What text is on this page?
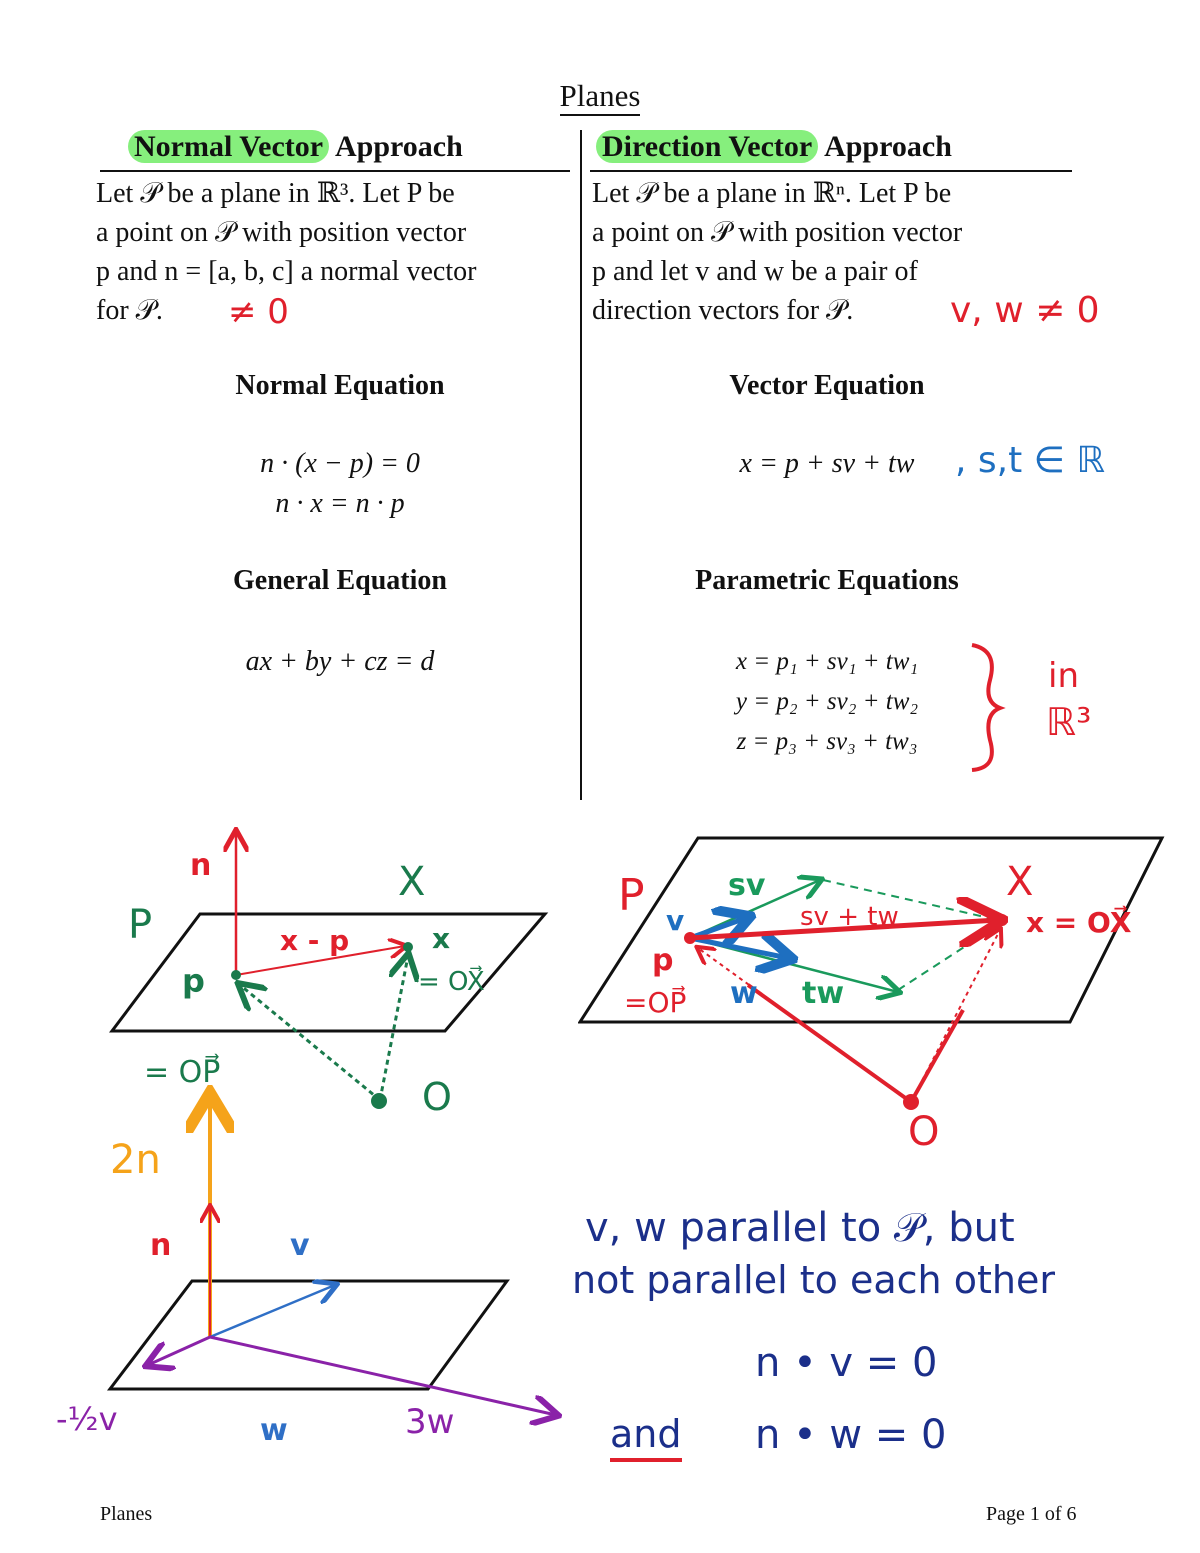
Planes
Normal Vector Approach	Direction Vector Approach

Let 𝒫 be a plane in ℝ³. Let P be

a point on 𝒫 with position vector

p and n = [a, b, c] a normal vector

for 𝒫.

Let 𝒫 be a plane in ℝⁿ. Let P be

a point on 𝒫 with position vector

p and let v and w be a pair of

direction vectors for 𝒫.

Normal Equation
n · (x − p) = 0
n · x = n · p
General Equation
ax + by + cz = d
Vector Equation
x = p + sv + tw
Parametric Equations
x = p₁ + sv₁ + tw₁
y = p₂ + sv₂ + tw₂
z = p₃ + sv₃ + tw₃
≠ 0	v, w ≠ 0
, s,t ∈ ℝ
in
ℝ³
n
P
X
x - p
p
x
= OX⃗
= OP⃗
O
P v
sv
sv + tw
X
x = OX⃗
p
=OP⃗ w tw
O
2n
n	v
w
-½v	3w
v, w parallel to 𝒫, but
not parallel to each other
n • v = 0
and n • w = 0
Planes	Page 1 of 6
